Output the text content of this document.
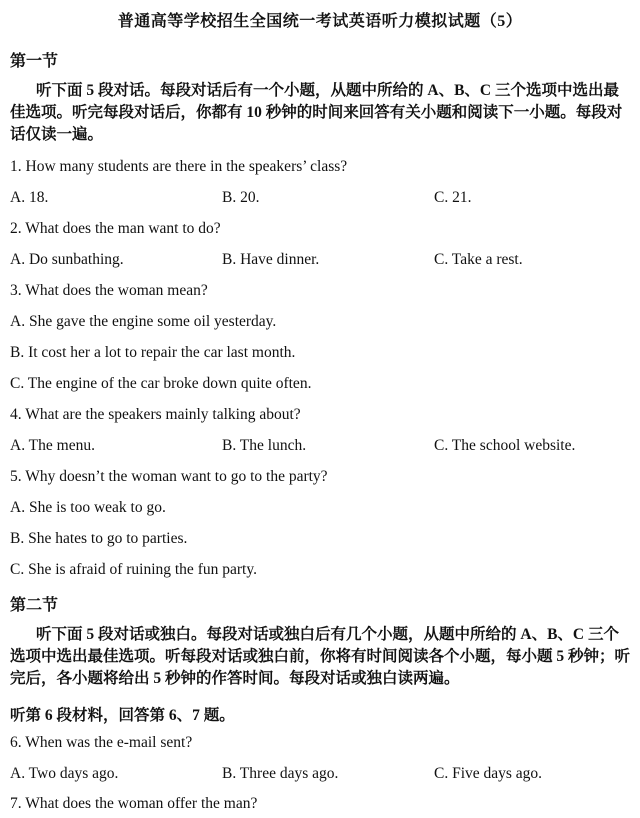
普通高等学校招生全国统一考试英语听力模拟试题（5）
第一节
听下面 5 段对话。每段对话后有一个小题，从题中所给的 A、B、C 三个选项中选出最佳选项。听完每段对话后，你都有 10 秒钟的时间来回答有关小题和阅读下一小题。每段对话仅读一遍。
1. How many students are there in the speakers’ class?
A. 18.	B. 20.	C. 21.
2. What does the man want to do?
A. Do sunbathing.	B. Have dinner.	C. Take a rest.
3. What does the woman mean?
A. She gave the engine some oil yesterday.
B. It cost her a lot to repair the car last month.
C. The engine of the car broke down quite often.
4. What are the speakers mainly talking about?
A. The menu.	B. The lunch.	C. The school website.
5. Why doesn’t the woman want to go to the party?
A. She is too weak to go.
B. She hates to go to parties.
C. She is afraid of ruining the fun party.
第二节
听下面 5 段对话或独白。每段对话或独白后有几个小题，从题中所给的 A、B、C 三个选项中选出最佳选项。听每段对话或独白前，你将有时间阅读各个小题，每小题 5 秒钟；听完后，各小题将给出 5 秒钟的作答时间。每段对话或独白读两遍。
听第 6 段材料，回答第 6、7 题。
6. When was the e-mail sent?
A. Two days ago.	B. Three days ago.	C. Five days ago.
7. What does the woman offer the man?
